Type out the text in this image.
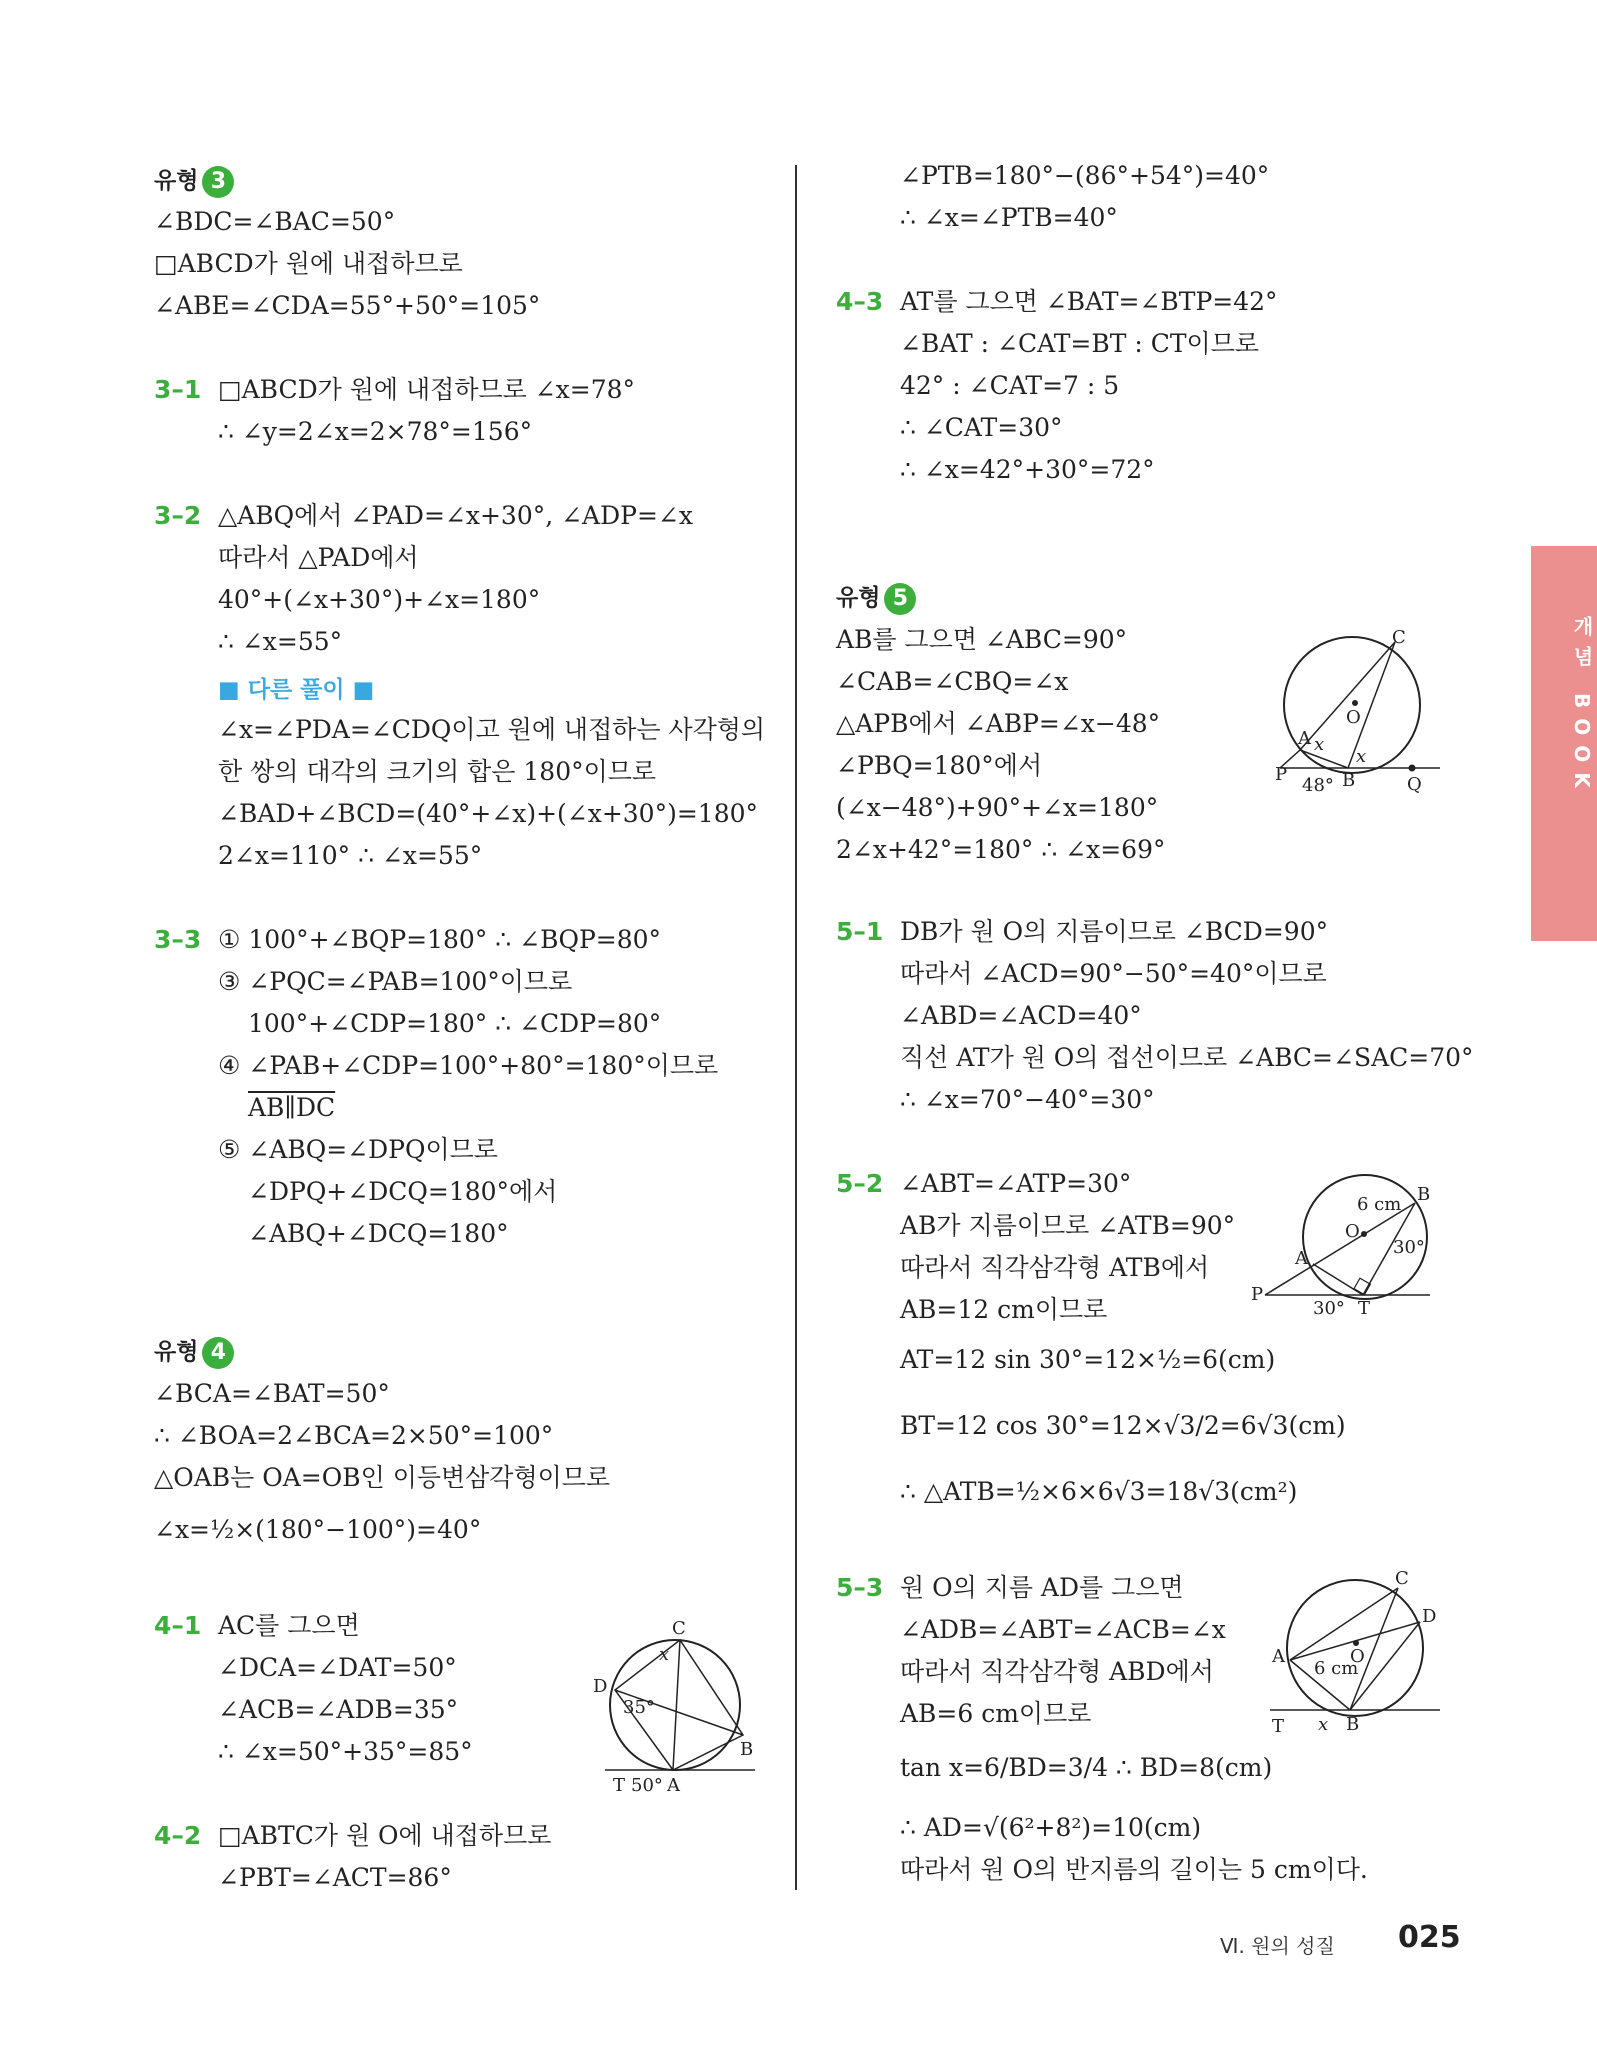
유형 3
∠BDC=∠BAC=50°
□ABCD가 원에 내접하므로
∠ABE=∠CDA=55°+50°=105°
3–1 □ABCD가 원에 내접하므로 ∠x=78°
∴ ∠y=2∠x=2×78°=156°
3–2 △ABQ에서 ∠PAD=∠x+30°, ∠ADP=∠x
따라서 △PAD에서
40°+(∠x+30°)+∠x=180°
∴ ∠x=55°
■ 다른 풀이 ■
∠x=∠PDA=∠CDQ이고 원에 내접하는 사각형의
한 쌍의 대각의 크기의 합은 180°이므로
∠BAD+∠BCD=(40°+∠x)+(∠x+30°)=180°
2∠x=110° ∴ ∠x=55°
3–3 ① 100°+∠BQP=180° ∴ ∠BQP=80°
③ ∠PQC=∠PAB=100°이므로
100°+∠CDP=180° ∴ ∠CDP=80°
④ ∠PAB+∠CDP=100°+80°=180°이므로
AB∥DC
⑤ ∠ABQ=∠DPQ이므로
∠DPQ+∠DCQ=180°에서
∠ABQ+∠DCQ=180°
유형 4
∠BCA=∠BAT=50°
∴ ∠BOA=2∠BCA=2×50°=100°
△OAB는 OA=OB인 이등변삼각형이므로
∠x=½×(180°−100°)=40°
4–1 AC를 그으면
∠DCA=∠DAT=50°
∠ACB=∠ADB=35°
∴ ∠x=50°+35°=85°
C
x
D
35°
B
T 50° A
4–2 □ABTC가 원 O에 내접하므로
∠PBT=∠ACT=86°
∠PTB=180°−(86°+54°)=40°
∴ ∠x=∠PTB=40°
4–3 AT를 그으면 ∠BAT=∠BTP=42°
∠BAT : ∠CAT=BT : CT이므로
42° : ∠CAT=7 : 5
∴ ∠CAT=30°
∴ ∠x=42°+30°=72°
유형 5
AB를 그으면 ∠ABC=90°
∠CAB=∠CBQ=∠x
△APB에서 ∠ABP=∠x−48°
∠PBQ=180°에서
(∠x−48°)+90°+∠x=180°
2∠x+42°=180° ∴ ∠x=69°
C
O
A x
x
P
48° B	Q
5–1 DB가 원 O의 지름이므로 ∠BCD=90°
따라서 ∠ACD=90°−50°=40°이므로
∠ABD=∠ACD=40°
직선 AT가 원 O의 접선이므로 ∠ABC=∠SAC=70°
∴ ∠x=70°−40°=30°
5–2 ∠ABT=∠ATP=30°
AB가 지름이므로 ∠ATB=90°
따라서 직각삼각형 ATB에서
AB=12 cm이므로
AT=12 sin 30°=12×½=6(cm)
BT=12 cos 30°=12×√3/2=6√3(cm)
∴ △ATB=½×6×6√3=18√3(cm²)
6 cm B
O
30°
A
P
30° T
5–3 원 O의 지름 AD를 그으면
∠ADB=∠ABT=∠ACB=∠x
따라서 직각삼각형 ABD에서
AB=6 cm이므로
tan x=6/BD=3/4 ∴ BD=8(cm)
∴ AD=√(6²+8²)=10(cm)
따라서 원 O의 반지름의 길이는 5 cm이다.
C
D
A	O
6 cm
T x B
개념 BOOK
Ⅵ. 원의 성질 025
